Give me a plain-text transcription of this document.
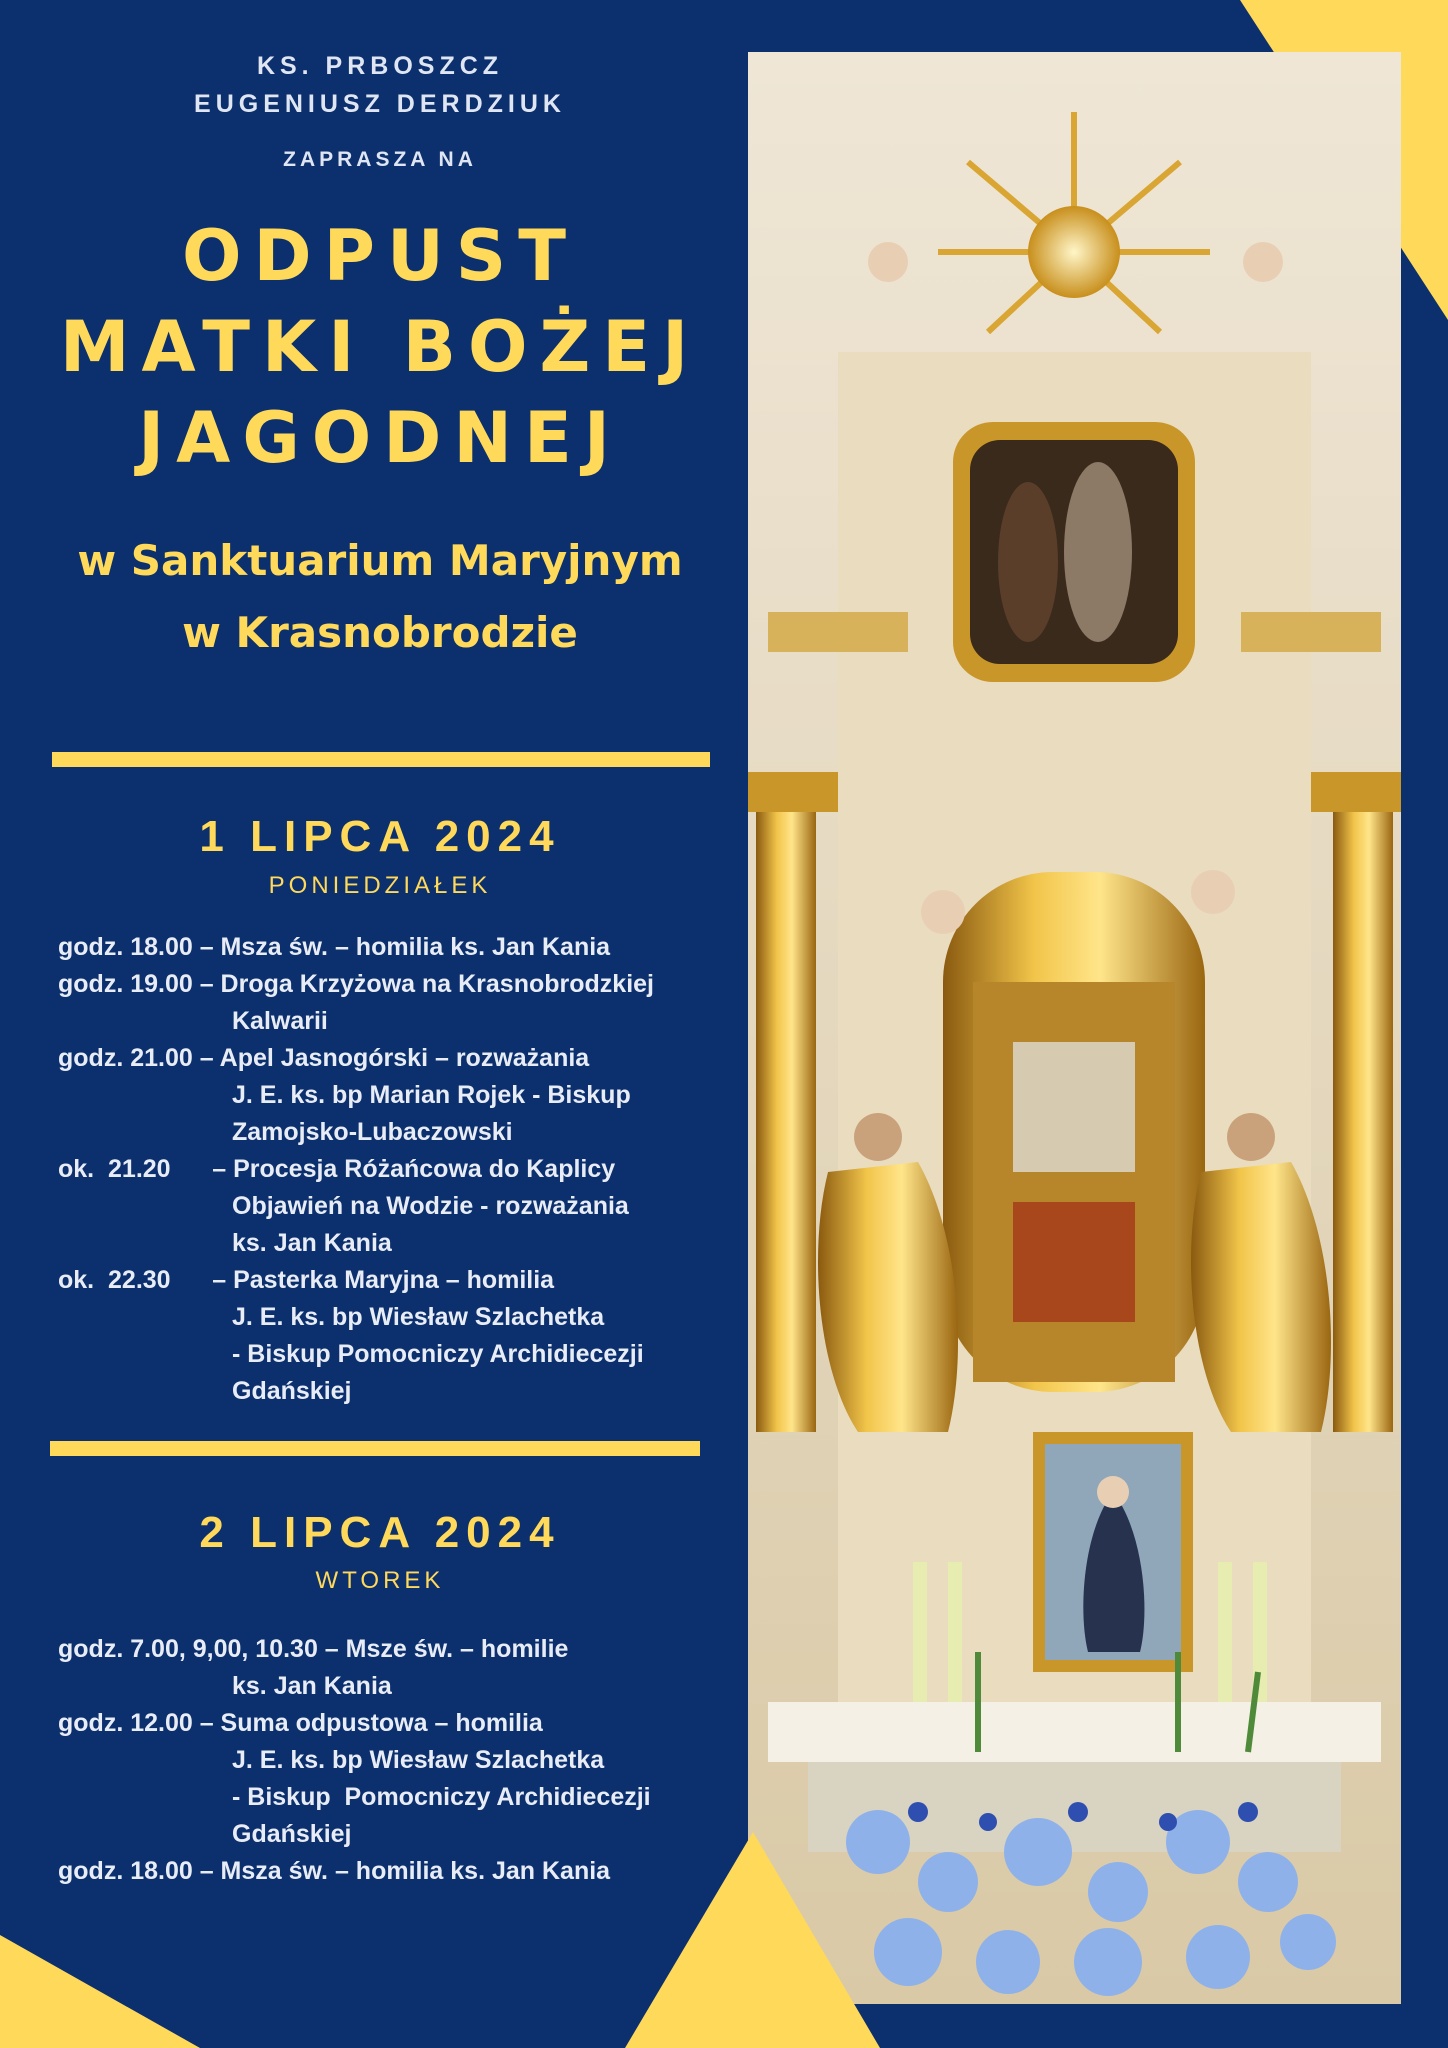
KS. PRBOSZCZ
EUGENIUSZ DERDZIUK
ZAPRASZA NA
ODPUST
MATKI BOŻEJ
JAGODNEJ
w Sanktuarium Maryjnym
w Krasnobrodzie
1 LIPCA 2024
PONIEDZIAŁEK
godz. 18.00 – Msza św. – homilia ks. Jan Kania
godz. 19.00 – Droga Krzyżowa na Krasnobrodzkiej
Kalwarii
godz. 21.00 – Apel Jasnogórski – rozważania
J. E. ks. bp Marian Rojek - Biskup
Zamojsko-Lubaczowski
ok.  21.20      – Procesja Różańcowa do Kaplicy
Objawień na Wodzie - rozważania
ks. Jan Kania
ok.  22.30      – Pasterka Maryjna – homilia
J. E. ks. bp Wiesław Szlachetka
- Biskup Pomocniczy Archidiecezji
Gdańskiej
2 LIPCA 2024
WTOREK
godz. 7.00, 9,00, 10.30 – Msze św. – homilie
ks. Jan Kania
godz. 12.00 – Suma odpustowa – homilia
J. E. ks. bp Wiesław Szlachetka
- Biskup  Pomocniczy Archidiecezji
Gdańskiej
godz. 18.00 – Msza św. – homilia ks. Jan Kania
